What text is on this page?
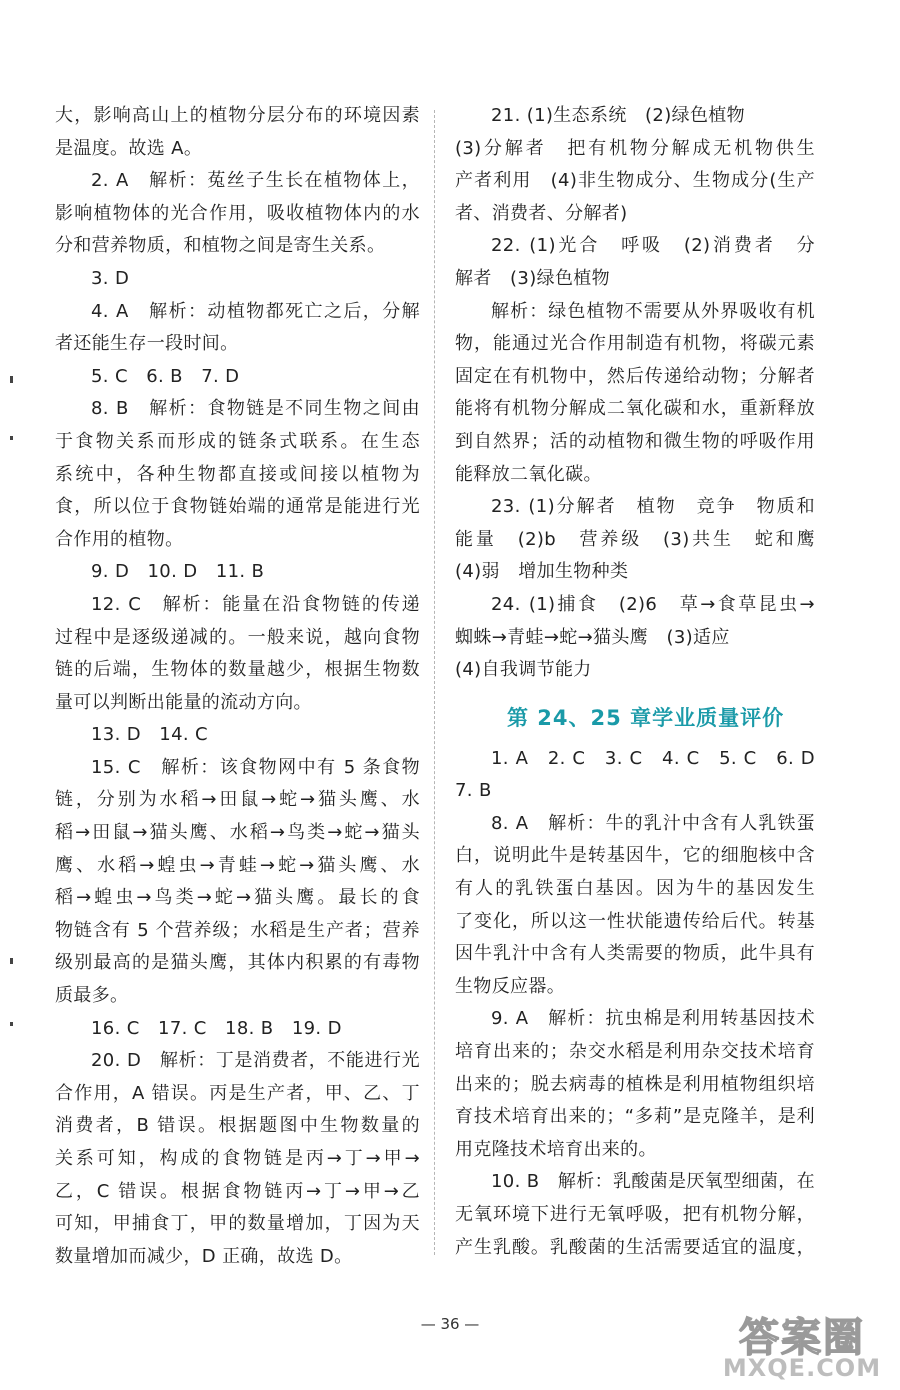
大，影响高山上的植物分层分布的环境因素
是温度。故选 A。
2. A　解析：菟丝子生长在植物体上，
影响植物体的光合作用，吸收植物体内的水
分和营养物质，和植物之间是寄生关系。
3. D
4. A　解析：动植物都死亡之后，分解
者还能生存一段时间。
5. C　6. B　7. D
8. B　解析：食物链是不同生物之间由
于食物关系而形成的链条式联系。在生态
系统中，各种生物都直接或间接以植物为
食，所以位于食物链始端的通常是能进行光
合作用的植物。
9. D　10. D　11. B
12. C　解析：能量在沿食物链的传递
过程中是逐级递减的。一般来说，越向食物
链的后端，生物体的数量越少，根据生物数
量可以判断出能量的流动方向。
13. D　14. C
15. C　解析：该食物网中有 5 条食物
链，分别为水稻→田鼠→蛇→猫头鹰、水
稻→田鼠→猫头鹰、水稻→鸟类→蛇→猫头
鹰、水稻→蝗虫→青蛙→蛇→猫头鹰、水
稻→蝗虫→鸟类→蛇→猫头鹰。最长的食
物链含有 5 个营养级；水稻是生产者；营养
级别最高的是猫头鹰，其体内积累的有毒物
质最多。
16. C　17. C　18. B　19. D
20. D　解析：丁是消费者，不能进行光
合作用，A 错误。丙是生产者，甲、乙、丁
消费者，B 错误。根据题图中生物数量的
关系可知，构成的食物链是丙→丁→甲→
乙，C 错误。根据食物链丙→丁→甲→乙
可知，甲捕食丁，甲的数量增加，丁因为天
数量增加而减少，D 正确，故选 D。
21. (1)生态系统　(2)绿色植物
(3)分解者　把有机物分解成无机物供生
产者利用　(4)非生物成分、生物成分(生产
者、消费者、分解者)
22. (1)光合　呼吸　(2)消费者　分
解者　(3)绿色植物
解析：绿色植物不需要从外界吸收有机
物，能通过光合作用制造有机物，将碳元素
固定在有机物中，然后传递给动物；分解者
能将有机物分解成二氧化碳和水，重新释放
到自然界；活的动植物和微生物的呼吸作用
能释放二氧化碳。
23. (1)分解者　植物　竞争　物质和
能量　(2)b　营养级　(3)共生　蛇和鹰
(4)弱　增加生物种类
24. (1)捕食　(2)6　草→食草昆虫→
蜘蛛→青蛙→蛇→猫头鹰　(3)适应
(4)自我调节能力
第 24、25 章学业质量评价
1. A　2. C　3. C　4. C　5. C　6. D
7. B
8. A　解析：牛的乳汁中含有人乳铁蛋
白，说明此牛是转基因牛，它的细胞核中含
有人的乳铁蛋白基因。因为牛的基因发生
了变化，所以这一性状能遗传给后代。转基
因牛乳汁中含有人类需要的物质，此牛具有
生物反应器。
9. A　解析：抗虫棉是利用转基因技术
培育出来的；杂交水稻是利用杂交技术培育
出来的；脱去病毒的植株是利用植物组织培
育技术培育出来的；“多莉”是克隆羊，是利
用克隆技术培育出来的。
10. B　解析：乳酸菌是厌氧型细菌，在
无氧环境下进行无氧呼吸，把有机物分解，
产生乳酸。乳酸菌的生活需要适宜的温度，
— 36 —	答案圈
MXQE.COM
